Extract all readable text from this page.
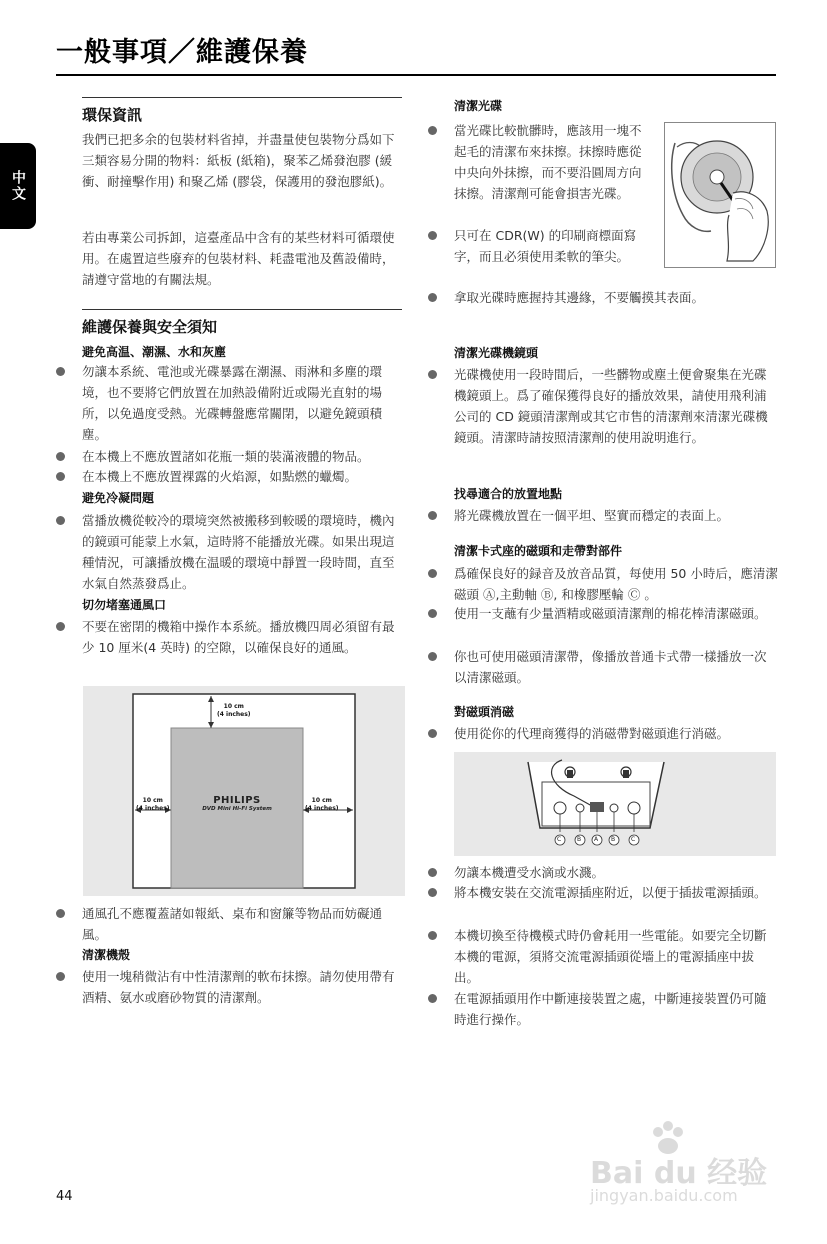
一般事項／維護保養
中文
環保資訊

我們已把多余的包裝材料省掉，并盡量使包裝物分爲如下三類容易分開的物料：紙板 (紙箱)，聚苯乙烯發泡膠 (緩衝、耐撞擊作用) 和聚乙烯 (膠袋，保護用的發泡膠紙)。

若由專業公司拆卸，這臺產品中含有的某些材料可循環使用。在處置這些廢弃的包裝材料、耗盡電池及舊設備時，請遵守當地的有關法規。

維護保養與安全須知
避免高温、潮濕、水和灰塵

勿讓本系統、電池或光碟暴露在潮濕、雨淋和多塵的環境，也不要將它們放置在加熱設備附近或陽光直射的場所，以免過度受熱。光碟轉盤應常關閉，以避免鏡頭積塵。

在本機上不應放置諸如花瓶一類的裝滿液體的物品。

在本機上不應放置裸露的火焰源，如點燃的蠟燭。

避免冷凝問題

當播放機從較冷的環境突然被搬移到較暖的環境時，機內的鏡頭可能蒙上水氣，這時將不能播放光碟。如果出現這種情況，可讓播放機在温暖的環境中靜置一段時間，直至水氣自然蒸發爲止。

切勿堵塞通風口

不要在密閉的機箱中操作本系統。播放機四周必須留有最少 10 厘米(4 英時) 的空隙，以確保良好的通風。

10 cm
(4 inches)
10 cm
(4 inches)
10 cm
(4 inches)
PHILIPS
DVD Mini Hi-Fi System

通風孔不應覆蓋諸如報紙、桌布和窗簾等物品而妨礙通風。

清潔機殼

使用一塊稍微沾有中性清潔劑的軟布抹擦。請勿使用帶有酒精、氨水或磨砂物質的清潔劑。

清潔光碟

當光碟比較骯髒時，應該用一塊不起毛的清潔布來抹擦。抹擦時應從中央向外抹擦，而不要沿圓周方向抹擦。清潔劑可能會損害光碟。

只可在 CDR(W) 的印刷商標面寫字，而且必須使用柔軟的筆尖。

拿取光碟時應握持其邊緣，不要觸摸其表面。

清潔光碟機鏡頭

光碟機使用一段時間后，一些髒物或塵土便會聚集在光碟機鏡頭上。爲了確保獲得良好的播放效果，請使用飛利浦公司的 CD 鏡頭清潔劑或其它市售的清潔劑來清潔光碟機鏡頭。清潔時請按照清潔劑的使用說明進行。

找尋適合的放置地點

將光碟機放置在一個平坦、堅實而穩定的表面上。

清潔卡式座的磁頭和走帶對部件

爲確保良好的録音及放音品質，每使用 50 小時后，應清潔磁頭 Ⓐ,主動軸 Ⓑ, 和橡膠壓輪 Ⓒ 。

使用一支蘸有少量酒精或磁頭清潔劑的棉花棒清潔磁頭。

你也可使用磁頭清潔帶，像播放普通卡式帶一樣播放一次以清潔磁頭。

對磁頭消磁

使用從你的代理商獲得的消磁帶對磁頭進行消磁。

C	B A B	C

勿讓本機遭受水滴或水濺。

將本機安裝在交流電源插座附近，以便于插拔電源插頭。

本機切換至待機模式時仍會耗用一些電能。如要完全切斷本機的電源，須將交流電源插頭從墻上的電源插座中拔出。

在電源插頭用作中斷連接裝置之處，中斷連接裝置仍可隨時進行操作。

44

Bai du 经验
jingyan.baidu.com
